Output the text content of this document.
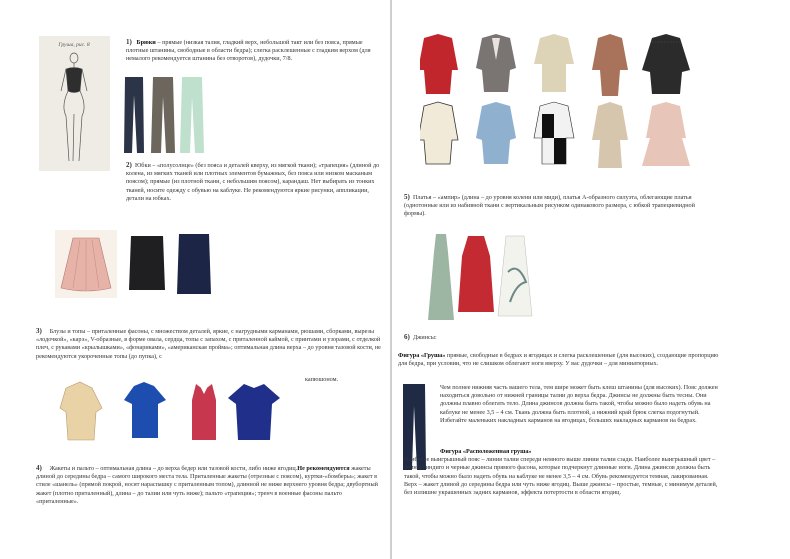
Груша, рис. 8	1) Брюки – прямые (низкая талия, гладкий верх, небольшой такт или без пояса, прямые плотные штанины, свободные в области бедра); слегка расклешенные с гладким верхом (для немалого рекомендуется штанина без отворотов), дудочки, 7/8.
2) Юбки – «полусолнце» (без пояса и деталей кверху, из мягкой ткани); «трапеция» (длиной до колена, из мягких тканей или плотных элементов бумажных, без пояса или низком масканым поясом); прямые (из плотной ткани, с небольшим поясом), карандаш. Нет выбирать из тонких тканей, носите одежду с обувью на каблуке. Не рекомендуются яркие рисунки, аппликации, детали на юбках.
3) Блузы и топы – приталенные фасоны, с множеством деталей, яркие, с нагрудными карманами, рюшами, сборками, вырезы «лодочкой», «карэ», V-образные, в форме овала, сердца, топы с запахом, с приталенной каймой, с принтами и узорами, с отделкой плеч, с рукавами «крылышками», «фонариками», «американская пройма»; оптимальная длина верха – до уровня тазовой кости, не рекомендуются укороченные топы (до пупка), с
капюшоном.
4) Жакеты и пальто – оптимальная длина – до верха бедер или тазовой кости, либо ниже ягодиц.Не рекомендуются жакеты длиной до середины бедра – самого широкого места тела. Приталенные жакеты (отрезные с поясом), куртки-«бомберы»; жакет в стиле «шанель» (прямой покрой, носят нараспашку с приталенным топом), длинной не ниже верхнего уровня бедра; двубортный жакет (плотно приталенный), длина – до талии или чуть ниже); пальто «трапеция»; тренч в военные фасоны пальто «приталенные».
5) Платья – «ампир» (длина – до уровня колени или миди), платья А-образного силуэта, облегающие платья (однотонные или из набивной ткани с вертикальным рисунком одинакового размера, с юбкой трапециевидной формы).
6) Джинсы:
Фигура «Груша» прямые, свободные в бедрах и ягодицах и слегка расклешенные (для высоких), создающие пропорцию для бедра, при условии, что не слишком облегают ноги вверху. У вас дудочки – для миниатюрных.
Чем полнее нижняя часть вашего тела, тем шире может быть клеш штанины (для высоких). Пояс должен находиться довольно от нижней границы талии до верха бедра. Джинсы не должны быть тесны. Они должны плавно облегать тело. Длина джинсов должна быть такой, чтобы можно было надеть обувь на каблуке не менее 3,5 – 4 см. Ткань должна быть плотной, а нижний край брюк слегка подогнутый. Избегайте маленьких накладных карманов на ягодицах, больших накладных карманов на бедрах.
Фигура «Расположенная груша»
Наиболее выигрышный пояс – линия талии спереди немного выше линии талии сзади. Наиболее выигрышный цвет – темный индиго и черные джинсы прямого фасона, которые подчеркнут длинные ноги. Длина джинсов должна быть такой, чтобы можно было надеть обувь на каблуке не менее 3,5 – 4 см. Обувь рекомендуется темная, лакированная. Верх – жакет длиной до середины бедра или чуть ниже ягодиц. Выше джинсы – простые, темные, с минимум деталей, без излишне украшенных задних карманов, эффекта потертости в области ягодиц.
